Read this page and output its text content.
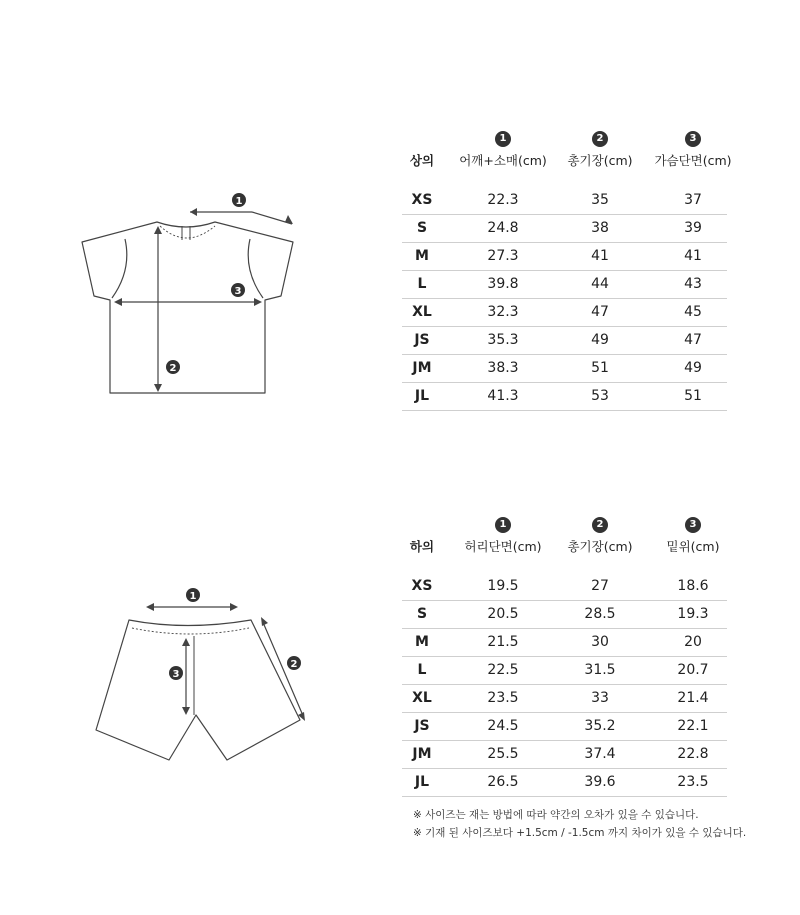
1
2
3
1
2
3
1	2	3
상의	어깨+소매(cm)	총기장(cm)	가슴단면(cm)
XS	22.3	35	37
S	24.8	38	39
M	27.3	41	41
L	39.8	44	43
XL	32.3	47	45
JS	35.3	49	47
JM	38.3	51	49
JL	41.3	53	51
1	2	3
하의	허리단면(cm)	총기장(cm)	밑위(cm)
XS	19.5	27	18.6
S	20.5	28.5	19.3
M	21.5	30	20
L	22.5	31.5	20.7
XL	23.5	33	21.4
JS	24.5	35.2	22.1
JM	25.5	37.4	22.8
JL	26.5	39.6	23.5
※ 사이즈는 재는 방법에 따라 약간의 오차가 있을 수 있습니다.
※ 기재 된 사이즈보다 +1.5cm / -1.5cm 까지 차이가 있을 수 있습니다.
